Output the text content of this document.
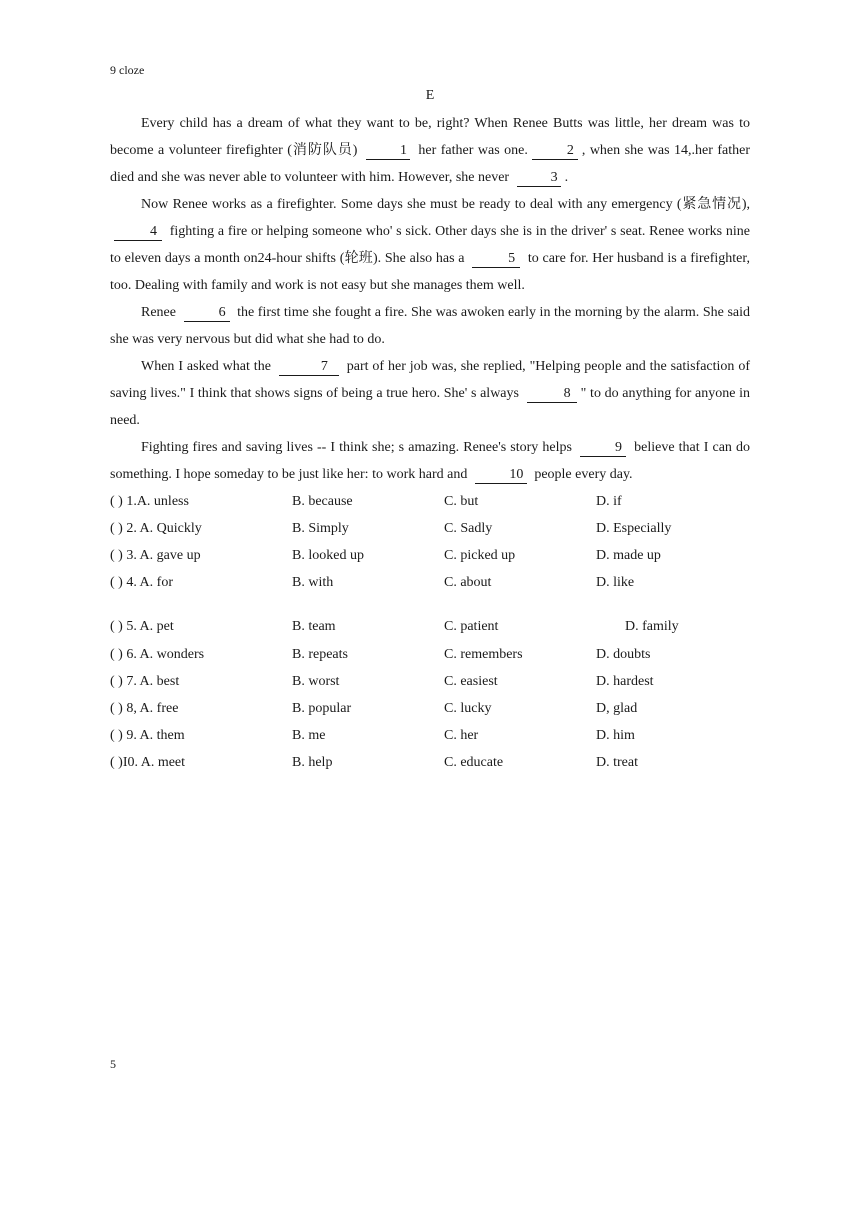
9 cloze
E

Every child has a dream of what they want to be, right? When Renee Butts was little, her dream was to become a volunteer firefighter (消防队员)	1 her father was one.	2 , when she was 14,.her father died and she was never able to volunteer with him. However, she never	3 .

Now Renee works as a firefighter. Some days she must be ready to deal with any emergency (紧急情况), 4 fighting a fire or helping someone who' s sick. Other days she is in the driver' s seat. Renee works nine to eleven days a month on24-hour shifts (轮班). She also has a	5 to care for. Her husband is a firefighter, too. Dealing with family and work is not easy but she manages them well.

Renee	6 the first time she fought a fire. She was awoken early in the morning by the alarm. She said she was very nervous but did what she had to do.

When I asked what the	7 part of her job was, she replied, "Helping people and the satisfaction of saving lives." I think that shows signs of being a true hero. She' s always	8 " to do anything for anyone in need.

Fighting fires and saving lives -- I think she; s amazing. Renee's story helps	9 believe that I can do something. I hope someday to be just like her: to work hard and	10 people every day.

( ) 1.A. unless	B. because	C. but	D. if
( ) 2. A. Quickly	B. Simply	C. Sadly	D. Especially
( ) 3. A. gave up	B. looked up	C. picked up	D. made up
( ) 4. A. for	B. with	C. about	D. like
( ) 5. A. pet	B. team	C. patient	D. family
( ) 6. A. wonders	B. repeats	C. remembers	D. doubts
( ) 7. A. best	B. worst	C. easiest	D. hardest
( ) 8, A. free	B. popular	C. lucky	D, glad
( ) 9. A. them	B. me	C. her	D. him
( )I0. A. meet	B. help	C. educate	D. treat
5
